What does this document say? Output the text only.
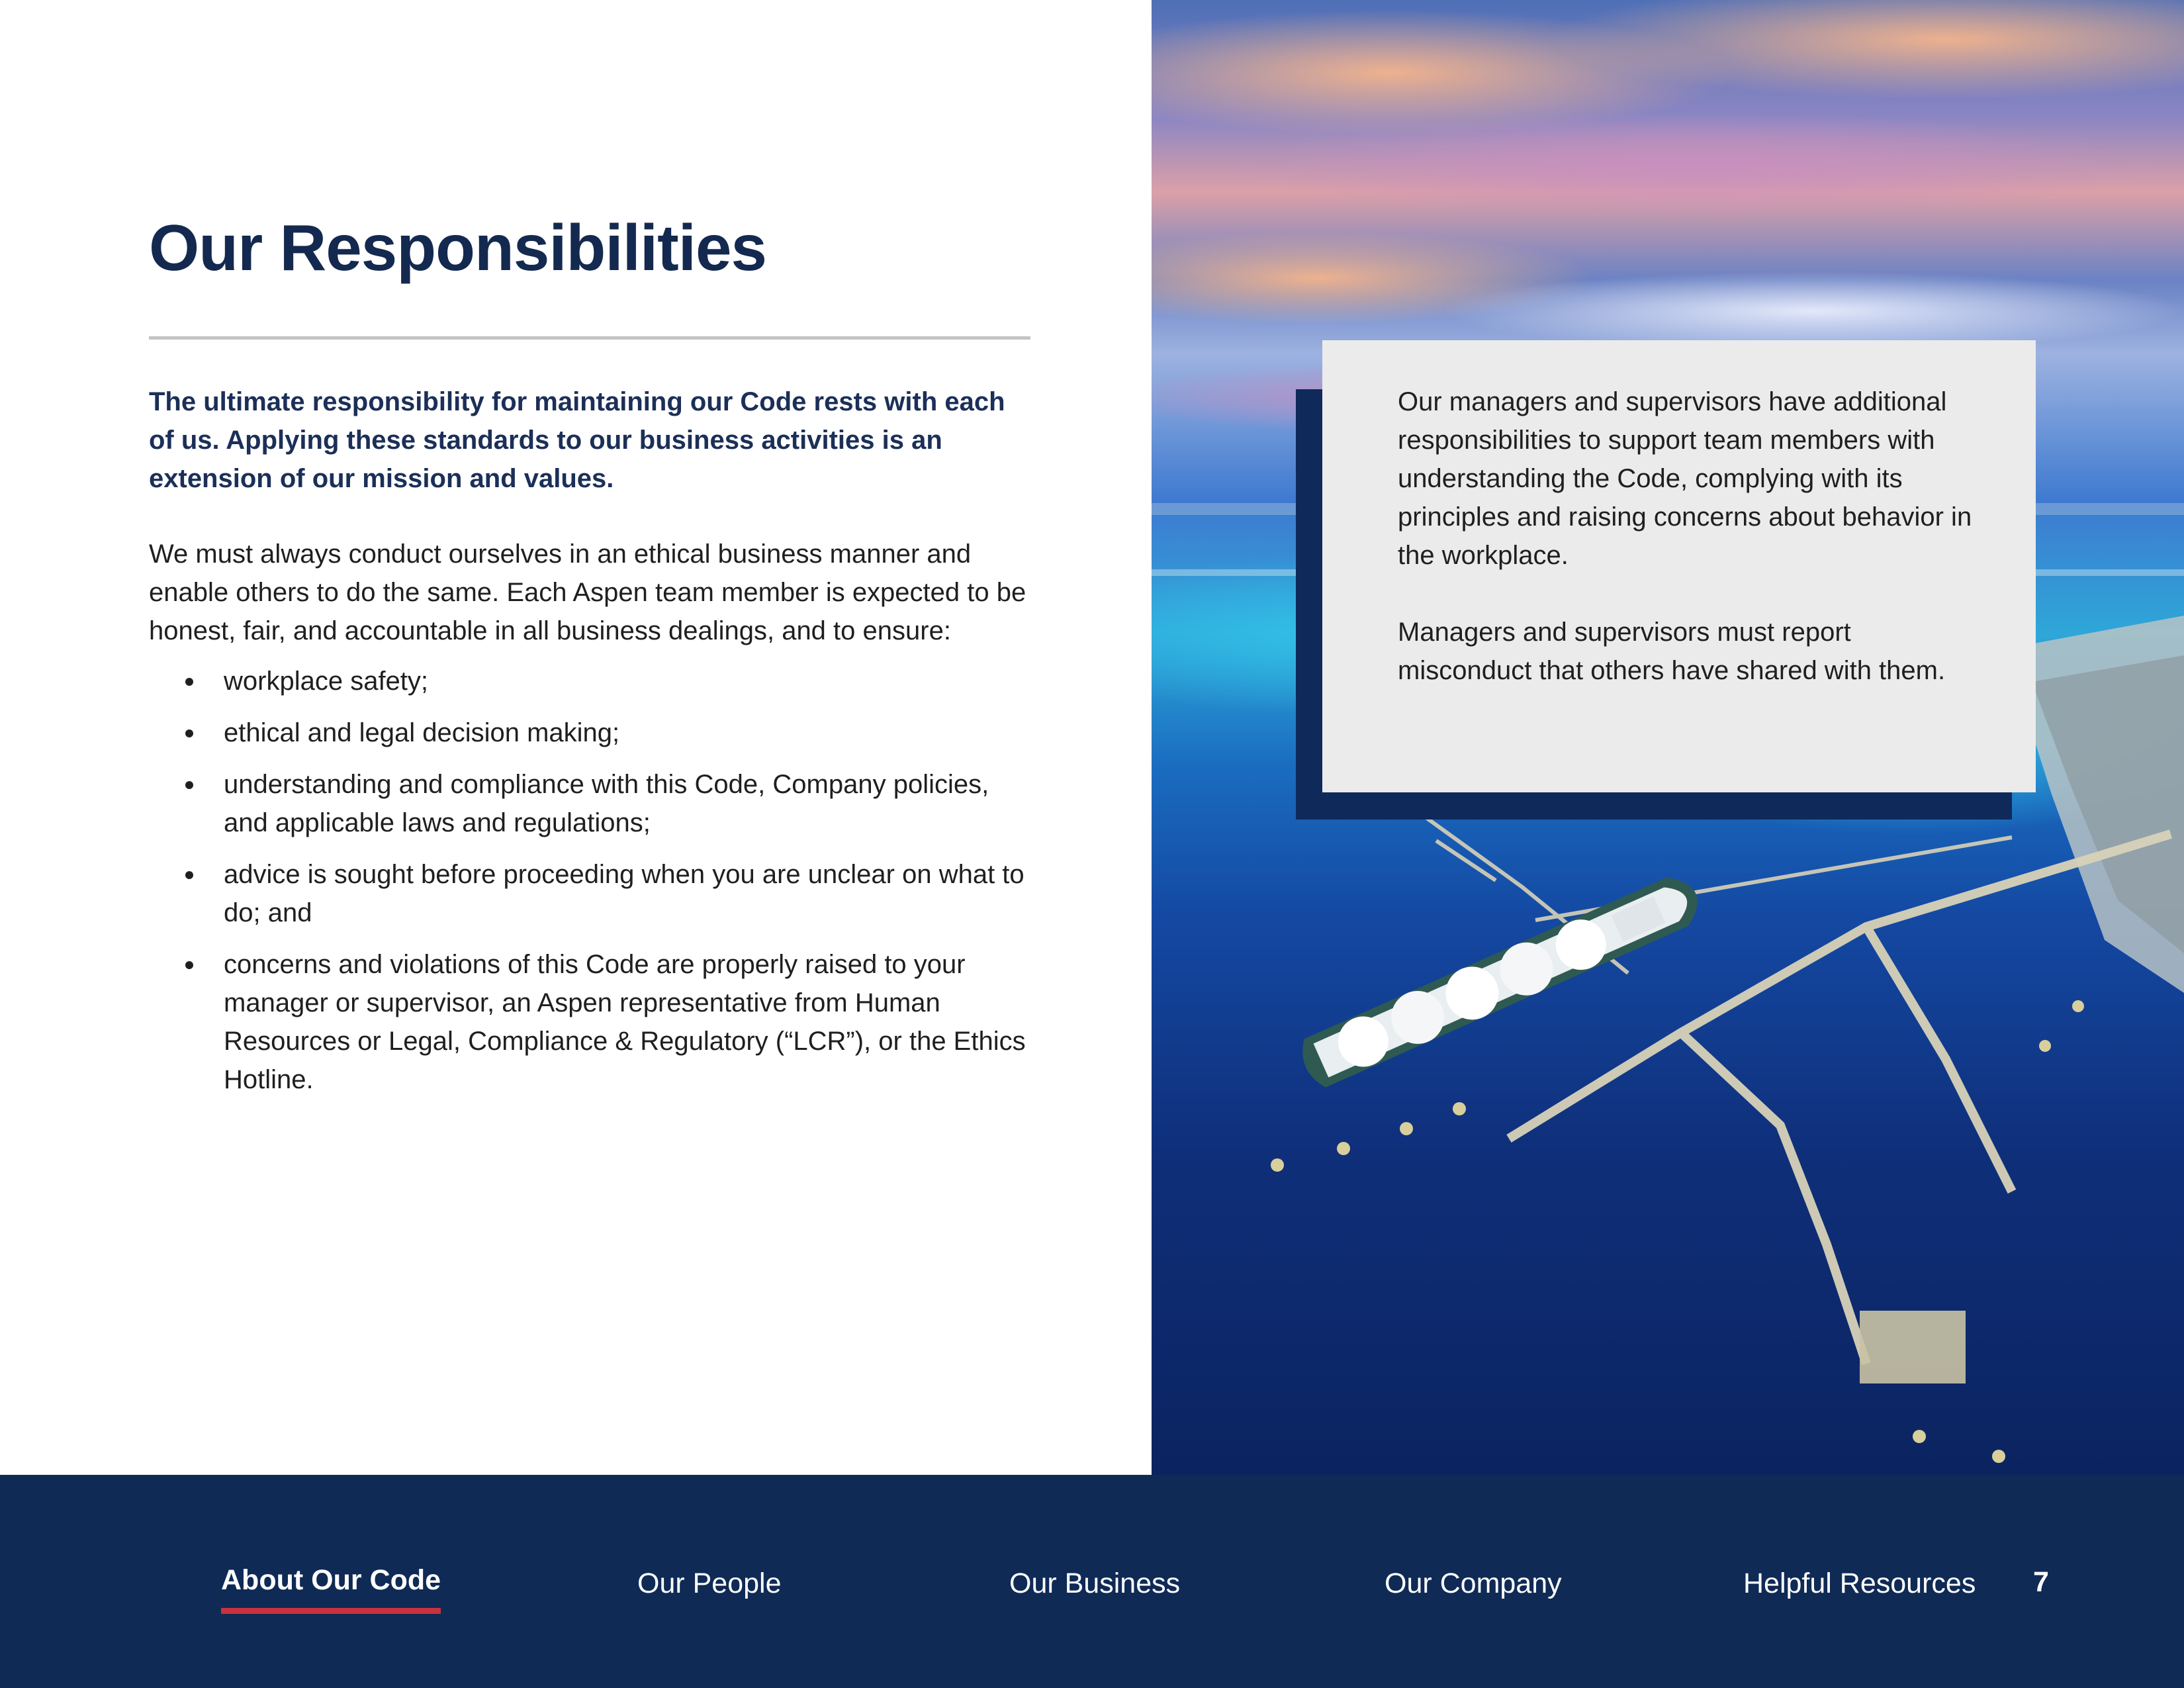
Our Responsibilities
The ultimate responsibility for maintaining our Code rests with each of us. Applying these standards to our business activities is an extension of our mission and values.

We must always conduct ourselves in an ethical business manner and enable others to do the same. Each Aspen team member is expected to be honest, fair, and accountable in all business dealings, and to ensure:

workplace safety;
ethical and legal decision making;
understanding and compliance with this Code, Company policies, and applicable laws and regulations;
advice is sought before proceeding when you are unclear on what to do; and
concerns and violations of this Code are properly raised to your manager or supervisor, an Aspen representative from Human Resources or Legal, Compliance & Regulatory (“LCR”), or the Ethics Hotline.

Our managers and supervisors have additional responsibilities to support team members with understanding the Code, complying with its principles and raising concerns about behavior in the workplace.

Managers and supervisors must report misconduct that others have shared with them.

About Our Code	Our People	Our Business	Our Company	Helpful Resources 7
